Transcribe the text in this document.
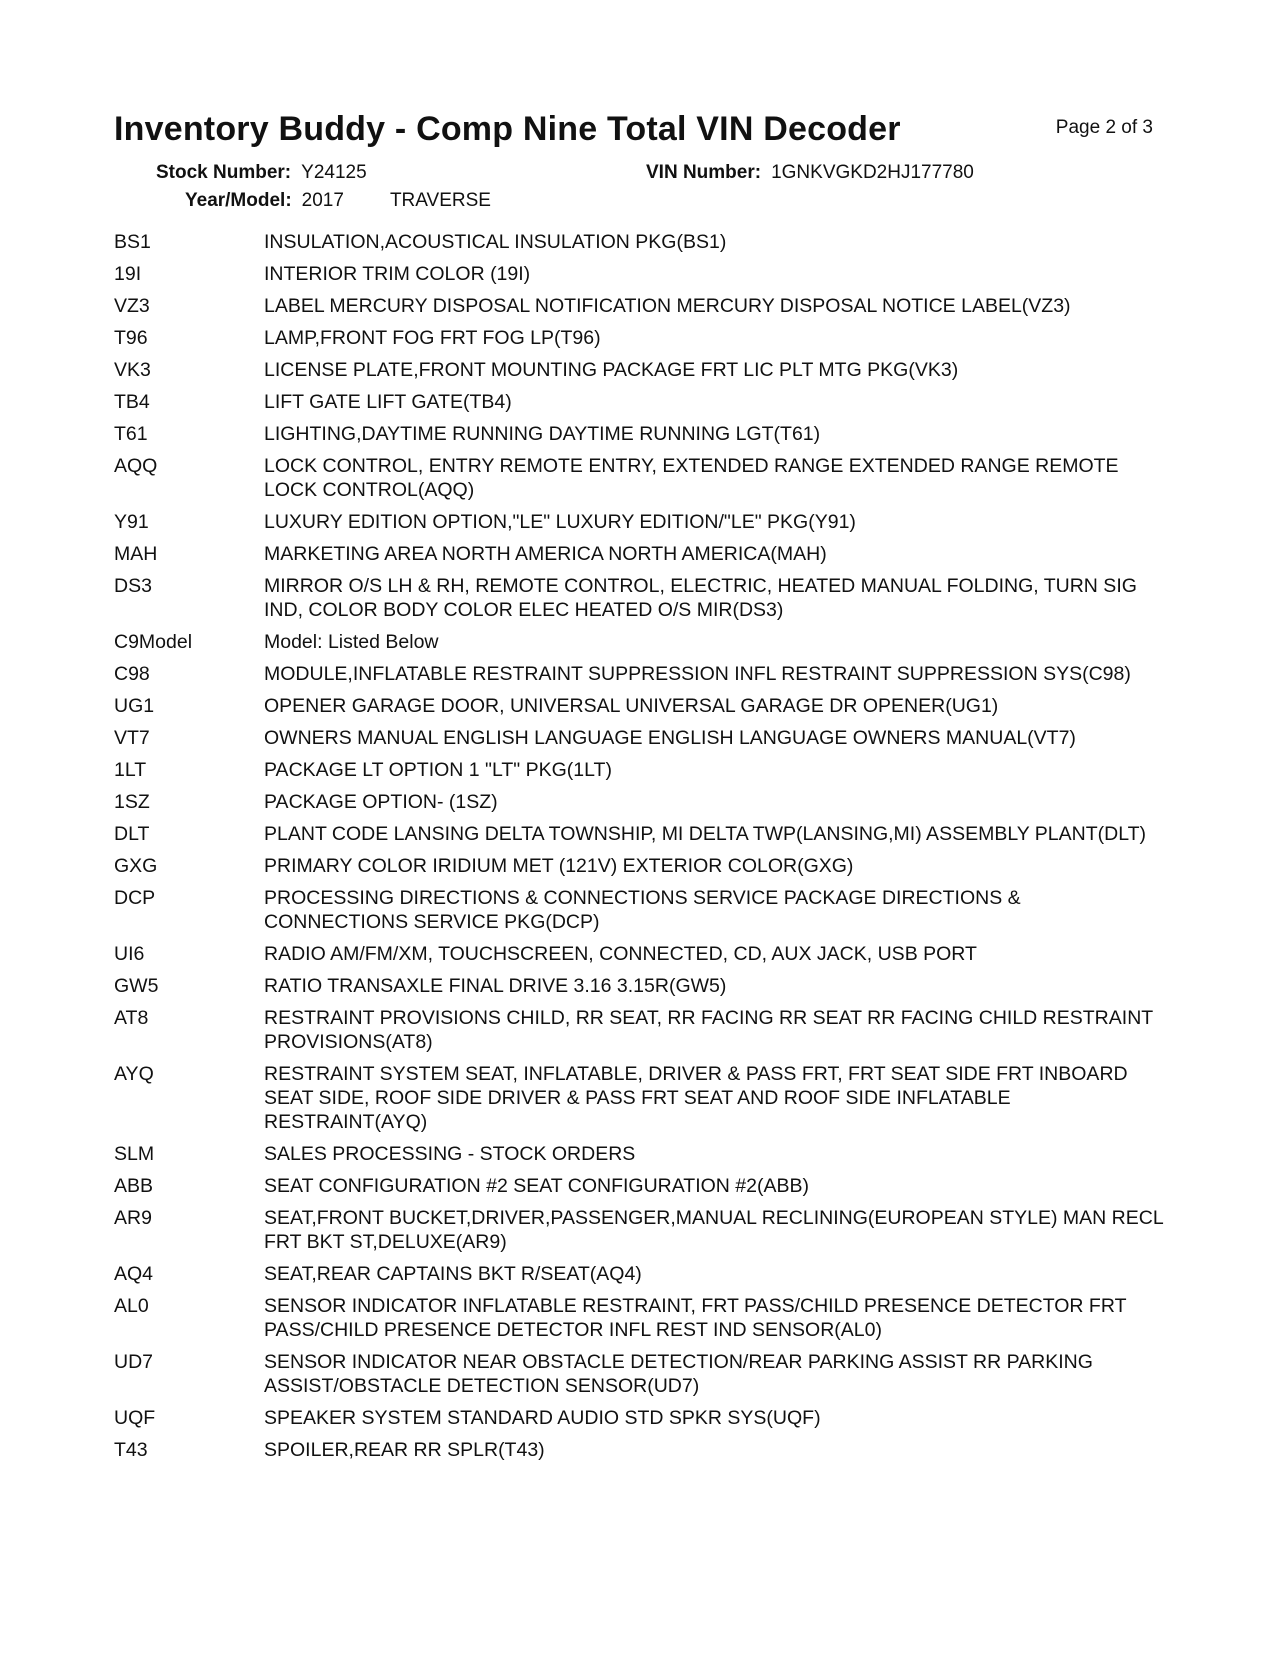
Inventory Buddy - Comp Nine Total VIN Decoder	Page 2 of 3
Stock Number: Y24125	VIN Number: 1GNKVGKD2HJ177780
Year/Model: 2017 TRAVERSE
BS1	INSULATION,ACOUSTICAL INSULATION PKG(BS1)
19I	INTERIOR TRIM COLOR (19I)
VZ3	LABEL MERCURY DISPOSAL NOTIFICATION MERCURY DISPOSAL NOTICE LABEL(VZ3)
T96	LAMP,FRONT FOG FRT FOG LP(T96)
VK3	LICENSE PLATE,FRONT MOUNTING PACKAGE FRT LIC PLT MTG PKG(VK3)
TB4	LIFT GATE LIFT GATE(TB4)
T61	LIGHTING,DAYTIME RUNNING DAYTIME RUNNING LGT(T61)
AQQ	LOCK CONTROL, ENTRY REMOTE ENTRY, EXTENDED RANGE EXTENDED RANGE REMOTE LOCK CONTROL(AQQ)
Y91	LUXURY EDITION OPTION,"LE" LUXURY EDITION/"LE" PKG(Y91)
MAH	MARKETING AREA NORTH AMERICA NORTH AMERICA(MAH)
DS3	MIRROR O/S LH & RH, REMOTE CONTROL, ELECTRIC, HEATED MANUAL FOLDING, TURN SIG IND, COLOR BODY COLOR ELEC HEATED O/S MIR(DS3)
C9Model	Model: Listed Below
C98	MODULE,INFLATABLE RESTRAINT SUPPRESSION INFL RESTRAINT SUPPRESSION SYS(C98)
UG1	OPENER GARAGE DOOR, UNIVERSAL UNIVERSAL GARAGE DR OPENER(UG1)
VT7	OWNERS MANUAL ENGLISH LANGUAGE ENGLISH LANGUAGE OWNERS MANUAL(VT7)
1LT	PACKAGE LT OPTION 1 "LT" PKG(1LT)
1SZ	PACKAGE OPTION- (1SZ)
DLT	PLANT CODE LANSING DELTA TOWNSHIP, MI DELTA TWP(LANSING,MI) ASSEMBLY PLANT(DLT)
GXG	PRIMARY COLOR IRIDIUM MET (121V) EXTERIOR COLOR(GXG)
DCP	PROCESSING DIRECTIONS & CONNECTIONS SERVICE PACKAGE DIRECTIONS & CONNECTIONS SERVICE PKG(DCP)
UI6	RADIO AM/FM/XM, TOUCHSCREEN, CONNECTED, CD, AUX JACK, USB PORT
GW5	RATIO TRANSAXLE FINAL DRIVE 3.16 3.15R(GW5)
AT8	RESTRAINT PROVISIONS CHILD, RR SEAT, RR FACING RR SEAT RR FACING CHILD RESTRAINT PROVISIONS(AT8)
AYQ	RESTRAINT SYSTEM SEAT, INFLATABLE, DRIVER & PASS FRT, FRT SEAT SIDE FRT INBOARD SEAT SIDE, ROOF SIDE DRIVER & PASS FRT SEAT AND ROOF SIDE INFLATABLE RESTRAINT(AYQ)
SLM	SALES PROCESSING - STOCK ORDERS
ABB	SEAT CONFIGURATION #2 SEAT CONFIGURATION #2(ABB)
AR9	SEAT,FRONT BUCKET,DRIVER,PASSENGER,MANUAL RECLINING(EUROPEAN STYLE) MAN RECL FRT BKT ST,DELUXE(AR9)
AQ4	SEAT,REAR CAPTAINS BKT R/SEAT(AQ4)
AL0	SENSOR INDICATOR INFLATABLE RESTRAINT, FRT PASS/CHILD PRESENCE DETECTOR FRT PASS/CHILD PRESENCE DETECTOR INFL REST IND SENSOR(AL0)
UD7	SENSOR INDICATOR NEAR OBSTACLE DETECTION/REAR PARKING ASSIST RR PARKING ASSIST/OBSTACLE DETECTION SENSOR(UD7)
UQF	SPEAKER SYSTEM STANDARD AUDIO STD SPKR SYS(UQF)
T43	SPOILER,REAR RR SPLR(T43)
